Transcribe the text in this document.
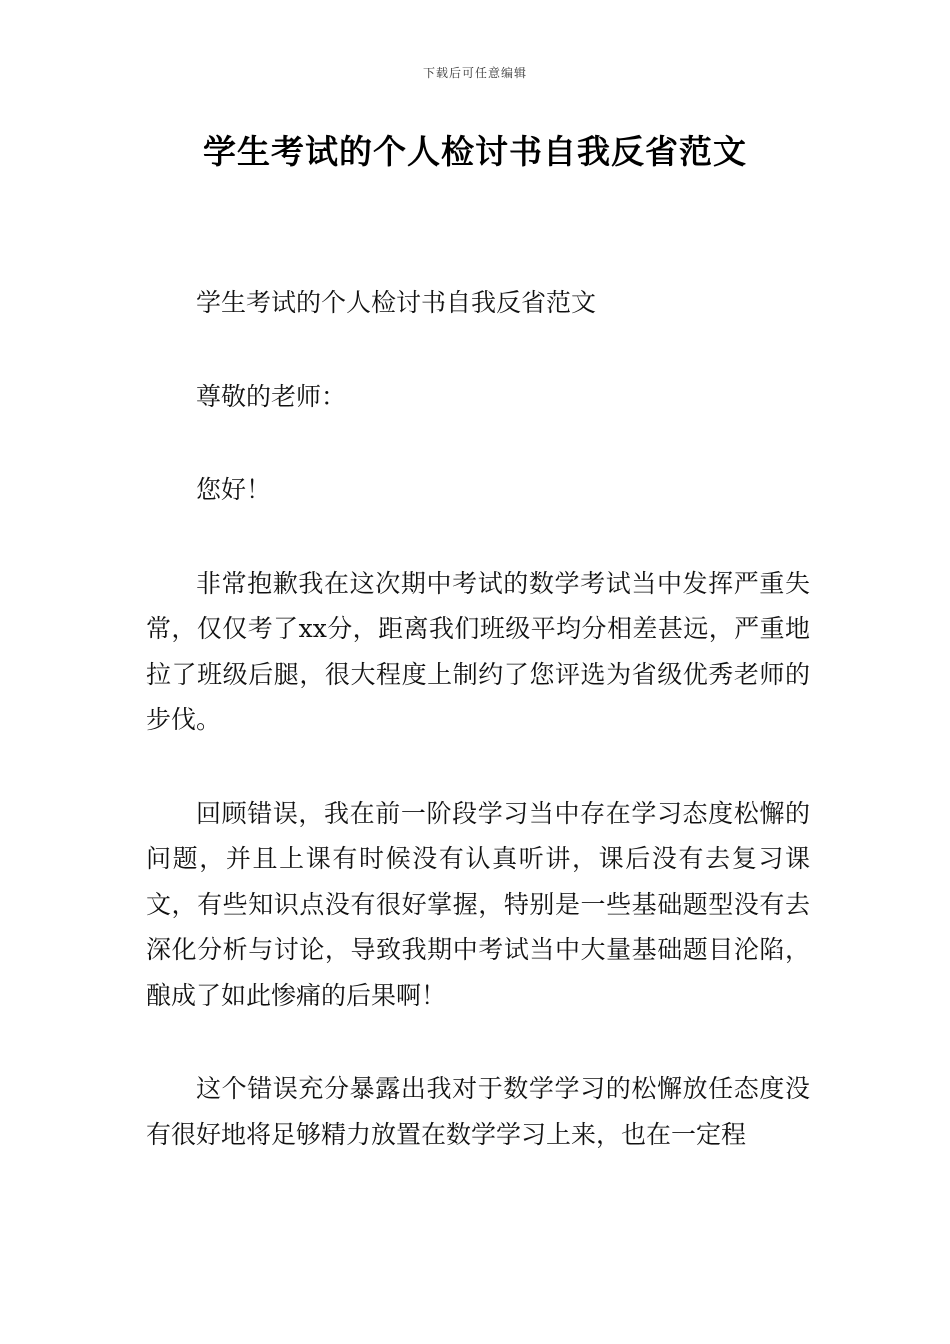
下载后可任意编辑
学生考试的个人检讨书自我反省范文

学生考试的个人检讨书自我反省范文

尊敬的老师：

您好！

非常抱歉我在这次期中考试的数学考试当中发挥严重失常，仅仅考了xx分，距离我们班级平均分相差甚远，严重地拉了班级后腿，很大程度上制约了您评选为省级优秀老师的步伐。

回顾错误，我在前一阶段学习当中存在学习态度松懈的问题，并且上课有时候没有认真听讲，课后没有去复习课文，有些知识点没有很好掌握，特别是一些基础题型没有去深化分析与讨论，导致我期中考试当中大量基础题目沦陷，酿成了如此惨痛的后果啊！

这个错误充分暴露出我对于数学学习的松懈放任态度没有很好地将足够精力放置在数学学习上来，也在一定程
